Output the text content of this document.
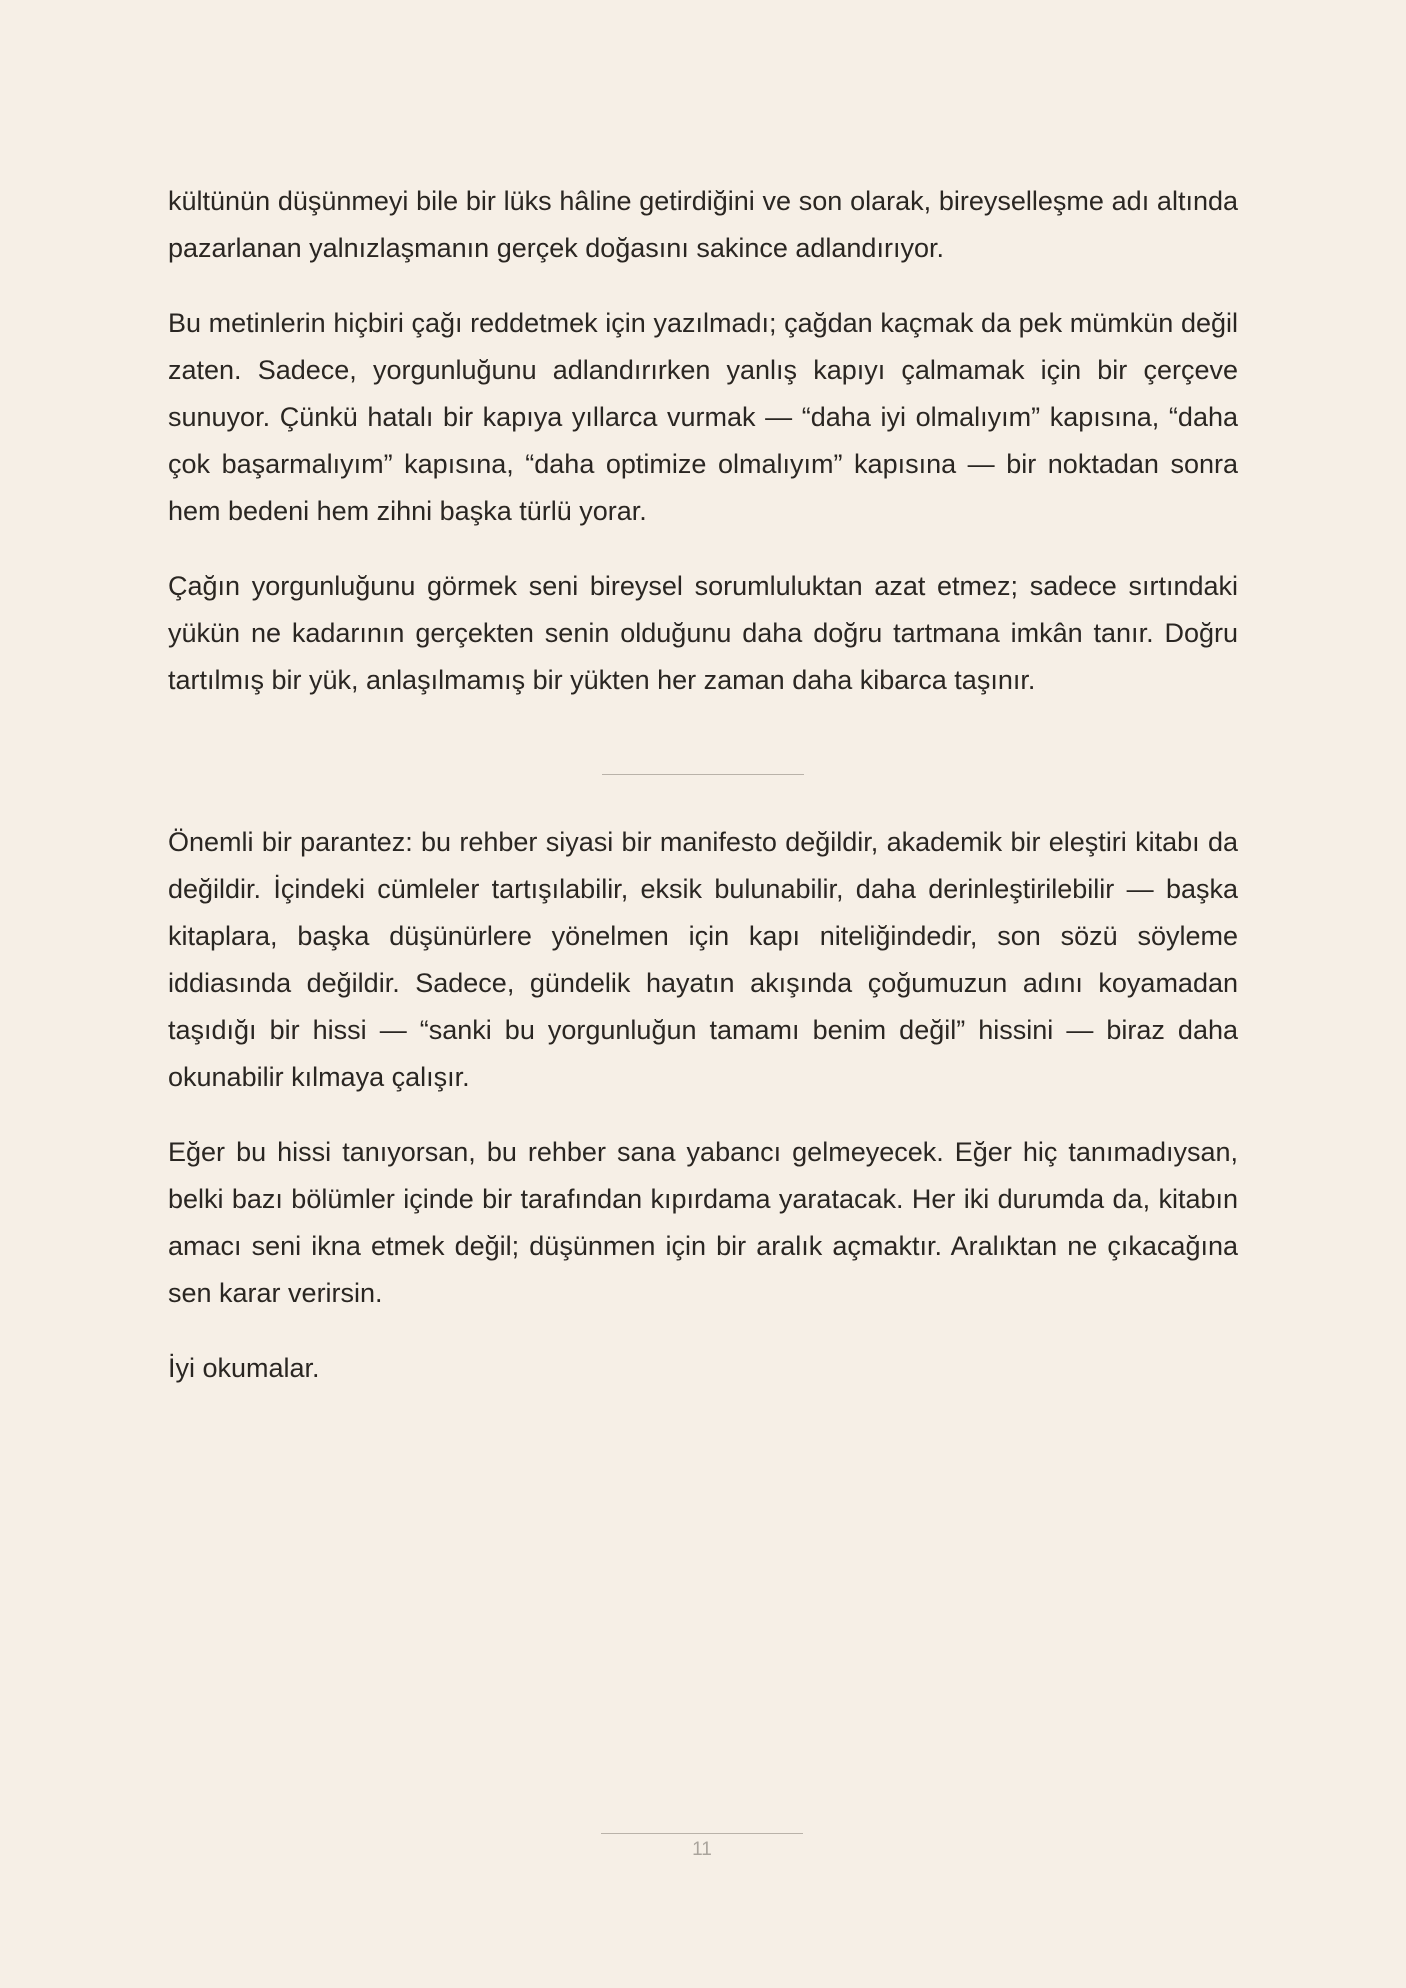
kültünün düşünmeyi bile bir lüks hâline getirdiğini ve son olarak, bireyselleşme adı altında pazarlanan yalnızlaşmanın gerçek doğasını sakince adlandırıyor.

Bu metinlerin hiçbiri çağı reddetmek için yazılmadı; çağdan kaçmak da pek mümkün değil zaten. Sadece, yorgunluğunu adlandırırken yanlış kapıyı çalmamak için bir çerçeve sunuyor. Çünkü hatalı bir kapıya yıllarca vurmak — “daha iyi olmalıyım” kapısına, “daha çok başarmalıyım” kapısına, “daha optimize olmalıyım” kapısına — bir noktadan sonra hem bedeni hem zihni başka türlü yorar.

Çağın yorgunluğunu görmek seni bireysel sorumluluktan azat etmez; sadece sırtındaki yükün ne kadarının gerçekten senin olduğunu daha doğru tartmana imkân tanır. Doğru tartılmış bir yük, anlaşılmamış bir yükten her zaman daha kibarca taşınır.

Önemli bir parantez: bu rehber siyasi bir manifesto değildir, akademik bir eleştiri kitabı da değildir. İçindeki cümleler tartışılabilir, eksik bulunabilir, daha derinleştirilebilir — başka kitaplara, başka düşünürlere yönelmen için kapı niteliğindedir, son sözü söyleme iddiasında değildir. Sadece, gündelik hayatın akışında çoğumuzun adını koyamadan taşıdığı bir hissi — “sanki bu yorgunluğun tamamı benim değil” hissini — biraz daha okunabilir kılmaya çalışır.

Eğer bu hissi tanıyorsan, bu rehber sana yabancı gelmeyecek. Eğer hiç tanımadıysan, belki bazı bölümler içinde bir tarafından kıpırdama yaratacak. Her iki durumda da, kitabın amacı seni ikna etmek değil; düşünmen için bir aralık açmaktır. Aralıktan ne çıkacağına sen karar verirsin.

İyi okumalar.

11
